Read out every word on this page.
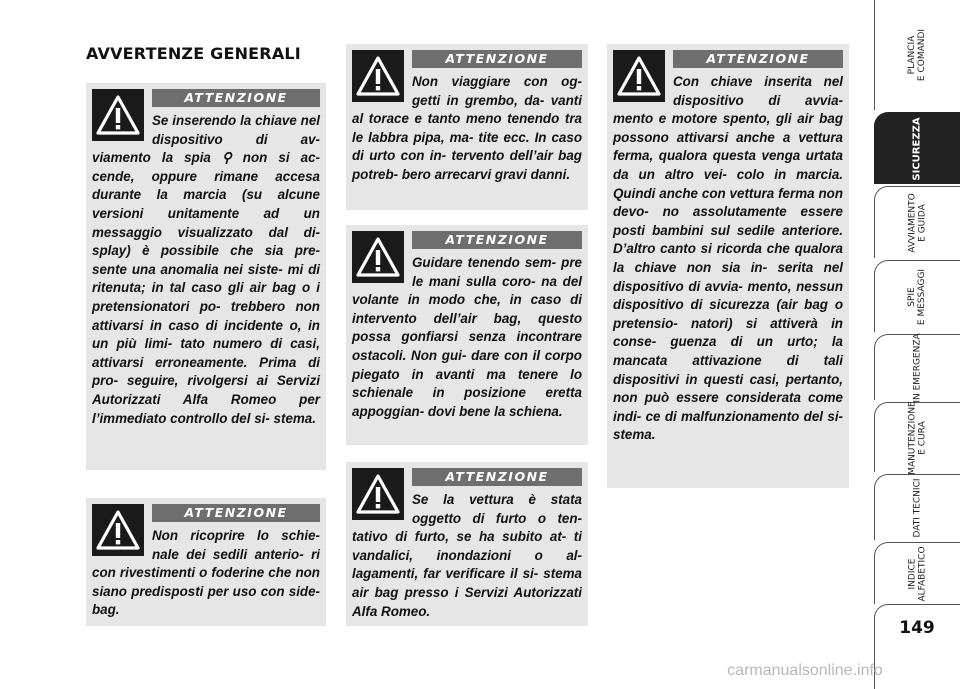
AVVERTENZE GENERALI
ATTENZIONE

Se inserendo la chiave nel dispositivo di av- viamento la spia ⚲ non si ac- cende, oppure rimane accesa durante la marcia (su alcune versioni unitamente ad un messaggio visualizzato dal di- splay) è possibile che sia pre- sente una anomalia nei siste- mi di ritenuta; in tal caso gli air bag o i pretensionatori po- trebbero non attivarsi in caso di incidente o, in un più limi- tato numero di casi, attivarsi erroneamente. Prima di pro- seguire, rivolgersi ai Servizi Autorizzati Alfa Romeo per l’immediato controllo del si- stema.

ATTENZIONE

Non ricoprire lo schie- nale dei sedili anterio- ri con rivestimenti o foderine che non siano predisposti per uso con side-bag.

ATTENZIONE

Non viaggiare con og- getti in grembo, da- vanti al torace e tanto meno tenendo tra le labbra pipa, ma- tite ecc. In caso di urto con in- tervento dell’air bag potreb- bero arrecarvi gravi danni.

ATTENZIONE

Guidare tenendo sem- pre le mani sulla coro- na del volante in modo che, in caso di intervento dell’air bag, questo possa gonfiarsi senza incontrare ostacoli. Non gui- dare con il corpo piegato in avanti ma tenere lo schienale in posizione eretta appoggian- dovi bene la schiena.

ATTENZIONE

Se la vettura è stata oggetto di furto o ten- tativo di furto, se ha subito at- ti vandalici, inondazioni o al- lagamenti, far verificare il si- stema air bag presso i Servizi Autorizzati Alfa Romeo.

ATTENZIONE

Con chiave inserita nel dispositivo di avvia- mento e motore spento, gli air bag possono attivarsi anche a vettura ferma, qualora questa venga urtata da un altro vei- colo in marcia. Quindi anche con vettura ferma non devo- no assolutamente essere posti bambini sul sedile anteriore. D’altro canto si ricorda che qualora la chiave non sia in- serita nel dispositivo di avvia- mento, nessun dispositivo di sicurezza (air bag o pretensio- natori) si attiverà in conse- guenza di un urto; la mancata attivazione di tali dispositivi in questi casi, pertanto, non può essere considerata come indi- ce di malfunzionamento del si- stema.

PLANCIA
E COMANDI
SICUREZZA
AVVIAMENTO
E GUIDA
SPIE
E MESSAGGI
IN EMERGENZA
MANUTENZIONE
E CURA
DATI TECNICI
INDICE
ALFABETICO
149
carmanualsonline.info
